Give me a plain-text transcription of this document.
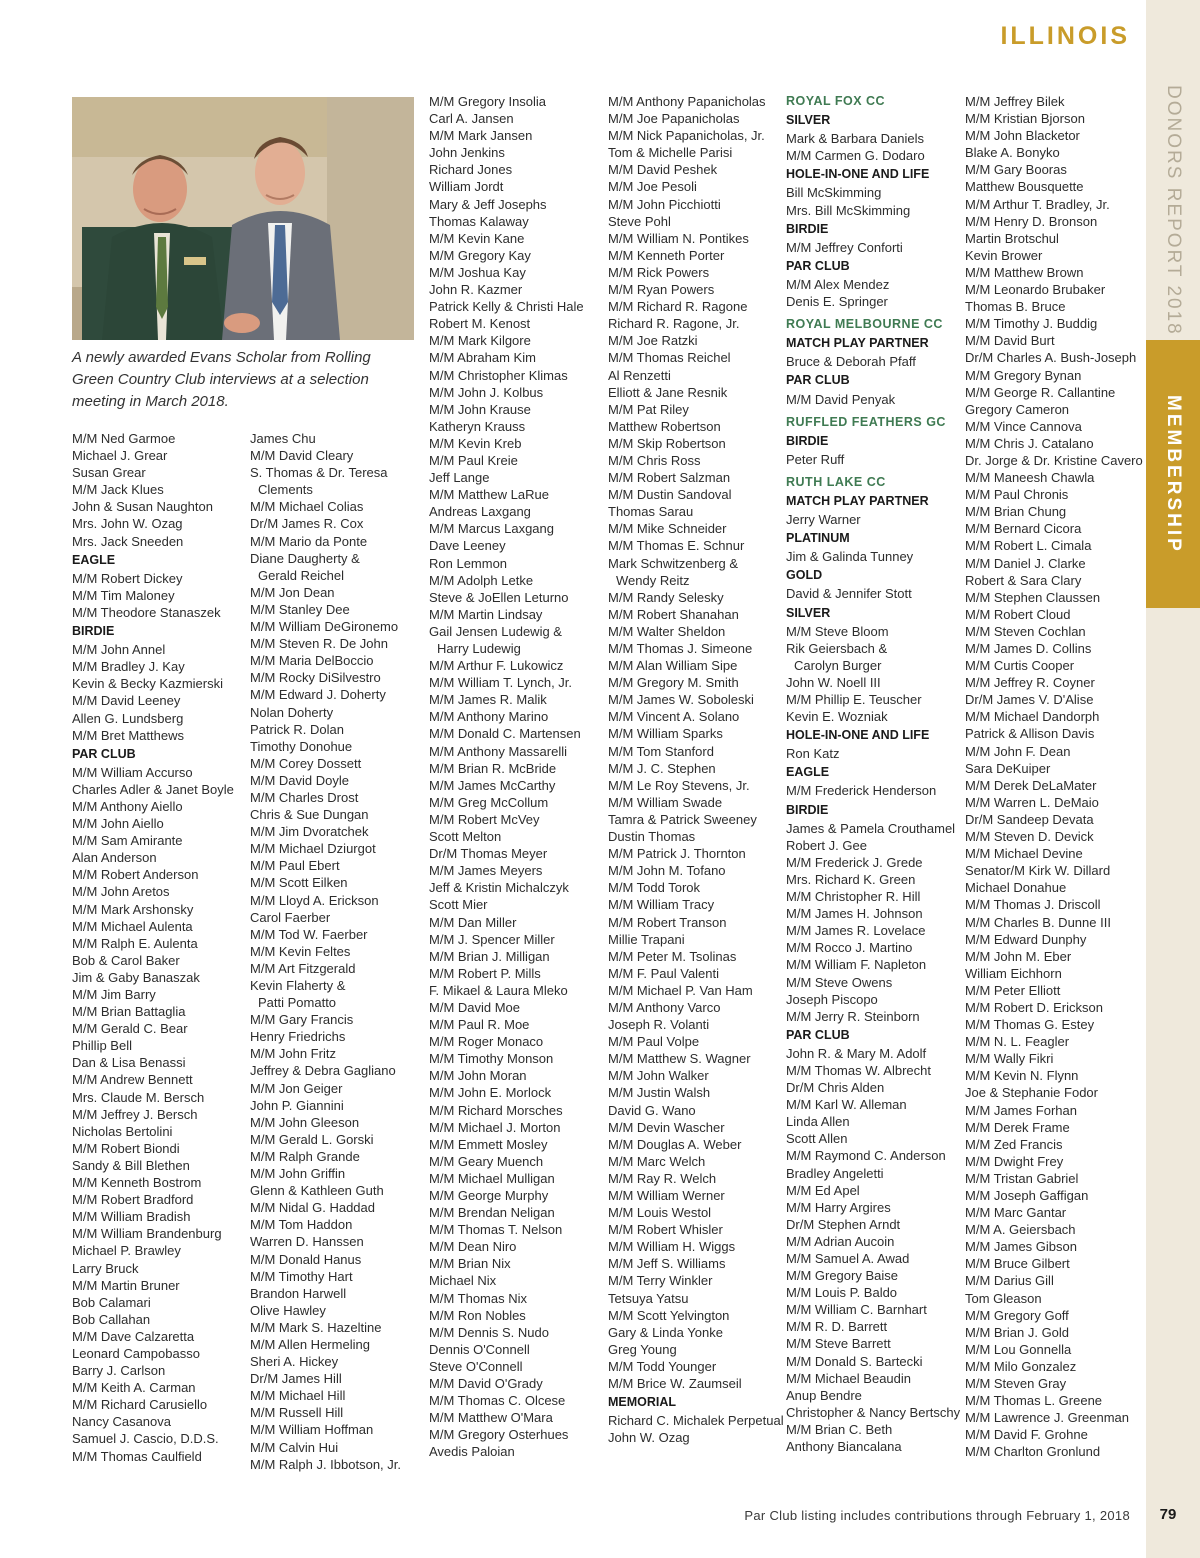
DONORS REPORT 2018
MEMBERSHIP
ILLINOIS
A newly awarded Evans Scholar from Rolling Green Country Club interviews at a selection meeting in March 2018.
M/M Ned Garmoe
Michael J. Grear
Susan Grear
M/M Jack Klues
John & Susan Naughton
Mrs. John W. Ozag
Mrs. Jack Sneeden
EAGLE
M/M Robert Dickey
M/M Tim Maloney
M/M Theodore Stanaszek
BIRDIE
M/M John Annel
M/M Bradley J. Kay
Kevin & Becky Kazmierski
M/M David Leeney
Allen G. Lundsberg
M/M Bret Matthews
PAR CLUB
M/M William Accurso
Charles Adler & Janet Boyle
M/M Anthony Aiello
M/M John Aiello
M/M Sam Amirante
Alan Anderson
M/M Robert Anderson
M/M John Aretos
M/M Mark Arshonsky
M/M Michael Aulenta
M/M Ralph E. Aulenta
Bob & Carol Baker
Jim & Gaby Banaszak
M/M Jim Barry
M/M Brian Battaglia
M/M Gerald C. Bear
Phillip Bell
Dan & Lisa Benassi
M/M Andrew Bennett
Mrs. Claude M. Bersch
M/M Jeffrey J. Bersch
Nicholas Bertolini
M/M Robert Biondi
Sandy & Bill Blethen
M/M Kenneth Bostrom
M/M Robert Bradford
M/M William Bradish
M/M William Brandenburg
Michael P. Brawley
Larry Bruck
M/M Martin Bruner
Bob Calamari
Bob Callahan
M/M Dave Calzaretta
Leonard Campobasso
Barry J. Carlson
M/M Keith A. Carman
M/M Richard Carusiello
Nancy Casanova
Samuel J. Cascio, D.D.S.
M/M Thomas Caulfield
James Chu
M/M David Cleary
S. Thomas & Dr. Teresa
Clements
M/M Michael Colias
Dr/M James R. Cox
M/M Mario da Ponte
Diane Daugherty &
Gerald Reichel
M/M Jon Dean
M/M Stanley Dee
M/M William DeGironemo
M/M Steven R. De John
M/M Maria DelBoccio
M/M Rocky DiSilvestro
M/M Edward J. Doherty
Nolan Doherty
Patrick R. Dolan
Timothy Donohue
M/M Corey Dossett
M/M David Doyle
M/M Charles Drost
Chris & Sue Dungan
M/M Jim Dvoratchek
M/M Michael Dziurgot
M/M Paul Ebert
M/M Scott Eilken
M/M Lloyd A. Erickson
Carol Faerber
M/M Tod W. Faerber
M/M Kevin Feltes
M/M Art Fitzgerald
Kevin Flaherty &
Patti Pomatto
M/M Gary Francis
Henry Friedrichs
M/M John Fritz
Jeffrey & Debra Gagliano
M/M Jon Geiger
John P. Giannini
M/M John Gleeson
M/M Gerald L. Gorski
M/M Ralph Grande
M/M John Griffin
Glenn & Kathleen Guth
M/M Nidal G. Haddad
M/M Tom Haddon
Warren D. Hanssen
M/M Donald Hanus
M/M Timothy Hart
Brandon Harwell
Olive Hawley
M/M Mark S. Hazeltine
M/M Allen Hermeling
Sheri A. Hickey
Dr/M James Hill
M/M Michael Hill
M/M Russell Hill
M/M William Hoffman
M/M Calvin Hui
M/M Ralph J. Ibbotson, Jr.
M/M Gregory Insolia
Carl A. Jansen
M/M Mark Jansen
John Jenkins
Richard Jones
William Jordt
Mary & Jeff Josephs
Thomas Kalaway
M/M Kevin Kane
M/M Gregory Kay
M/M Joshua Kay
John R. Kazmer
Patrick Kelly & Christi Hale
Robert M. Kenost
M/M Mark Kilgore
M/M Abraham Kim
M/M Christopher Klimas
M/M John J. Kolbus
M/M John Krause
Katheryn Krauss
M/M Kevin Kreb
M/M Paul Kreie
Jeff Lange
M/M Matthew LaRue
Andreas Laxgang
M/M Marcus Laxgang
Dave Leeney
Ron Lemmon
M/M Adolph Letke
Steve & JoEllen Leturno
M/M Martin Lindsay
Gail Jensen Ludewig &
Harry Ludewig
M/M Arthur F. Lukowicz
M/M William T. Lynch, Jr.
M/M James R. Malik
M/M Anthony Marino
M/M Donald C. Martensen
M/M Anthony Massarelli
M/M Brian R. McBride
M/M James McCarthy
M/M Greg McCollum
M/M Robert McVey
Scott Melton
Dr/M Thomas Meyer
M/M James Meyers
Jeff & Kristin Michalczyk
Scott Mier
M/M Dan Miller
M/M J. Spencer Miller
M/M Brian J. Milligan
M/M Robert P. Mills
F. Mikael & Laura Mleko
M/M David Moe
M/M Paul R. Moe
M/M Roger Monaco
M/M Timothy Monson
M/M John Moran
M/M John E. Morlock
M/M Richard Morsches
M/M Michael J. Morton
M/M Emmett Mosley
M/M Geary Muench
M/M Michael Mulligan
M/M George Murphy
M/M Brendan Neligan
M/M Thomas T. Nelson
M/M Dean Niro
M/M Brian Nix
Michael Nix
M/M Thomas Nix
M/M Ron Nobles
M/M Dennis S. Nudo
Dennis O'Connell
Steve O'Connell
M/M David O'Grady
M/M Thomas C. Olcese
M/M Matthew O'Mara
M/M Gregory Osterhues
Avedis Paloian
M/M Anthony Papanicholas
M/M Joe Papanicholas
M/M Nick Papanicholas, Jr.
Tom & Michelle Parisi
M/M David Peshek
M/M Joe Pesoli
M/M John Picchiotti
Steve Pohl
M/M William N. Pontikes
M/M Kenneth Porter
M/M Rick Powers
M/M Ryan Powers
M/M Richard R. Ragone
Richard R. Ragone, Jr.
M/M Joe Ratzki
M/M Thomas Reichel
Al Renzetti
Elliott & Jane Resnik
M/M Pat Riley
Matthew Robertson
M/M Skip Robertson
M/M Chris Ross
M/M Robert Salzman
M/M Dustin Sandoval
Thomas Sarau
M/M Mike Schneider
M/M Thomas E. Schnur
Mark Schwitzenberg &
Wendy Reitz
M/M Randy Selesky
M/M Robert Shanahan
M/M Walter Sheldon
M/M Thomas J. Simeone
M/M Alan William Sipe
M/M Gregory M. Smith
M/M James W. Soboleski
M/M Vincent A. Solano
M/M William Sparks
M/M Tom Stanford
M/M J. C. Stephen
M/M Le Roy Stevens, Jr.
M/M William Swade
Tamra & Patrick Sweeney
Dustin Thomas
M/M Patrick J. Thornton
M/M John M. Tofano
M/M Todd Torok
M/M William Tracy
M/M Robert Transon
Millie Trapani
M/M Peter M. Tsolinas
M/M F. Paul Valenti
M/M Michael P. Van Ham
M/M Anthony Varco
Joseph R. Volanti
M/M Paul Volpe
M/M Matthew S. Wagner
M/M John Walker
M/M Justin Walsh
David G. Wano
M/M Devin Wascher
M/M Douglas A. Weber
M/M Marc Welch
M/M Ray R. Welch
M/M William Werner
M/M Louis Westol
M/M Robert Whisler
M/M William H. Wiggs
M/M Jeff S. Williams
M/M Terry Winkler
Tetsuya Yatsu
M/M Scott Yelvington
Gary & Linda Yonke
Greg Young
M/M Todd Younger
M/M Brice W. Zaumseil
MEMORIAL
Richard C. Michalek Perpetual
John W. Ozag
ROYAL FOX CC
SILVER
Mark & Barbara Daniels
M/M Carmen G. Dodaro
HOLE-IN-ONE AND LIFE
Bill McSkimming
Mrs. Bill McSkimming
BIRDIE
M/M Jeffrey Conforti
PAR CLUB
M/M Alex Mendez
Denis E. Springer
ROYAL MELBOURNE CC
MATCH PLAY PARTNER
Bruce & Deborah Pfaff
PAR CLUB
M/M David Penyak
RUFFLED FEATHERS GC
BIRDIE
Peter Ruff
RUTH LAKE CC
MATCH PLAY PARTNER
Jerry Warner
PLATINUM
Jim & Galinda Tunney
GOLD
David & Jennifer Stott
SILVER
M/M Steve Bloom
Rik Geiersbach &
Carolyn Burger
John W. Noell III
M/M Phillip E. Teuscher
Kevin E. Wozniak
HOLE-IN-ONE AND LIFE
Ron Katz
EAGLE
M/M Frederick Henderson
BIRDIE
James & Pamela Crouthamel
Robert J. Gee
M/M Frederick J. Grede
Mrs. Richard K. Green
M/M Christopher R. Hill
M/M James H. Johnson
M/M James R. Lovelace
M/M Rocco J. Martino
M/M William F. Napleton
M/M Steve Owens
Joseph Piscopo
M/M Jerry R. Steinborn
PAR CLUB
John R. & Mary M. Adolf
M/M Thomas W. Albrecht
Dr/M Chris Alden
M/M Karl W. Alleman
Linda Allen
Scott Allen
M/M Raymond C. Anderson
Bradley Angeletti
M/M Ed Apel
M/M Harry Argires
Dr/M Stephen Arndt
M/M Adrian Aucoin
M/M Samuel A. Awad
M/M Gregory Baise
M/M Louis P. Baldo
M/M William C. Barnhart
M/M R. D. Barrett
M/M Steve Barrett
M/M Donald S. Bartecki
M/M Michael Beaudin
Anup Bendre
Christopher & Nancy Bertschy
M/M Brian C. Beth
Anthony Biancalana
M/M Jeffrey Bilek
M/M Kristian Bjorson
M/M John Blacketor
Blake A. Bonyko
M/M Gary Booras
Matthew Bousquette
M/M Arthur T. Bradley, Jr.
M/M Henry D. Bronson
Martin Brotschul
Kevin Brower
M/M Matthew Brown
M/M Leonardo Brubaker
Thomas B. Bruce
M/M Timothy J. Buddig
M/M David Burt
Dr/M Charles A. Bush-Joseph
M/M Gregory Bynan
M/M George R. Callantine
Gregory Cameron
M/M Vince Cannova
M/M Chris J. Catalano
Dr. Jorge & Dr. Kristine Cavero
M/M Maneesh Chawla
M/M Paul Chronis
M/M Brian Chung
M/M Bernard Cicora
M/M Robert L. Cimala
M/M Daniel J. Clarke
Robert & Sara Clary
M/M Stephen Claussen
M/M Robert Cloud
M/M Steven Cochlan
M/M James D. Collins
M/M Curtis Cooper
M/M Jeffrey R. Coyner
Dr/M James V. D'Alise
M/M Michael Dandorph
Patrick & Allison Davis
M/M John F. Dean
Sara DeKuiper
M/M Derek DeLaMater
M/M Warren L. DeMaio
Dr/M Sandeep Devata
M/M Steven D. Devick
M/M Michael Devine
Senator/M Kirk W. Dillard
Michael Donahue
M/M Thomas J. Driscoll
M/M Charles B. Dunne III
M/M Edward Dunphy
M/M John M. Eber
William Eichhorn
M/M Peter Elliott
M/M Robert D. Erickson
M/M Thomas G. Estey
M/M N. L. Feagler
M/M Wally Fikri
M/M Kevin N. Flynn
Joe & Stephanie Fodor
M/M James Forhan
M/M Derek Frame
M/M Zed Francis
M/M Dwight Frey
M/M Tristan Gabriel
M/M Joseph Gaffigan
M/M Marc Gantar
M/M A. Geiersbach
M/M James Gibson
M/M Bruce Gilbert
M/M Darius Gill
Tom Gleason
M/M Gregory Goff
M/M Brian J. Gold
M/M Lou Gonnella
M/M Milo Gonzalez
M/M Steven Gray
M/M Thomas L. Greene
M/M Lawrence J. Greenman
M/M David F. Grohne
M/M Charlton Gronlund
Par Club listing includes contributions through February 1, 2018	79
